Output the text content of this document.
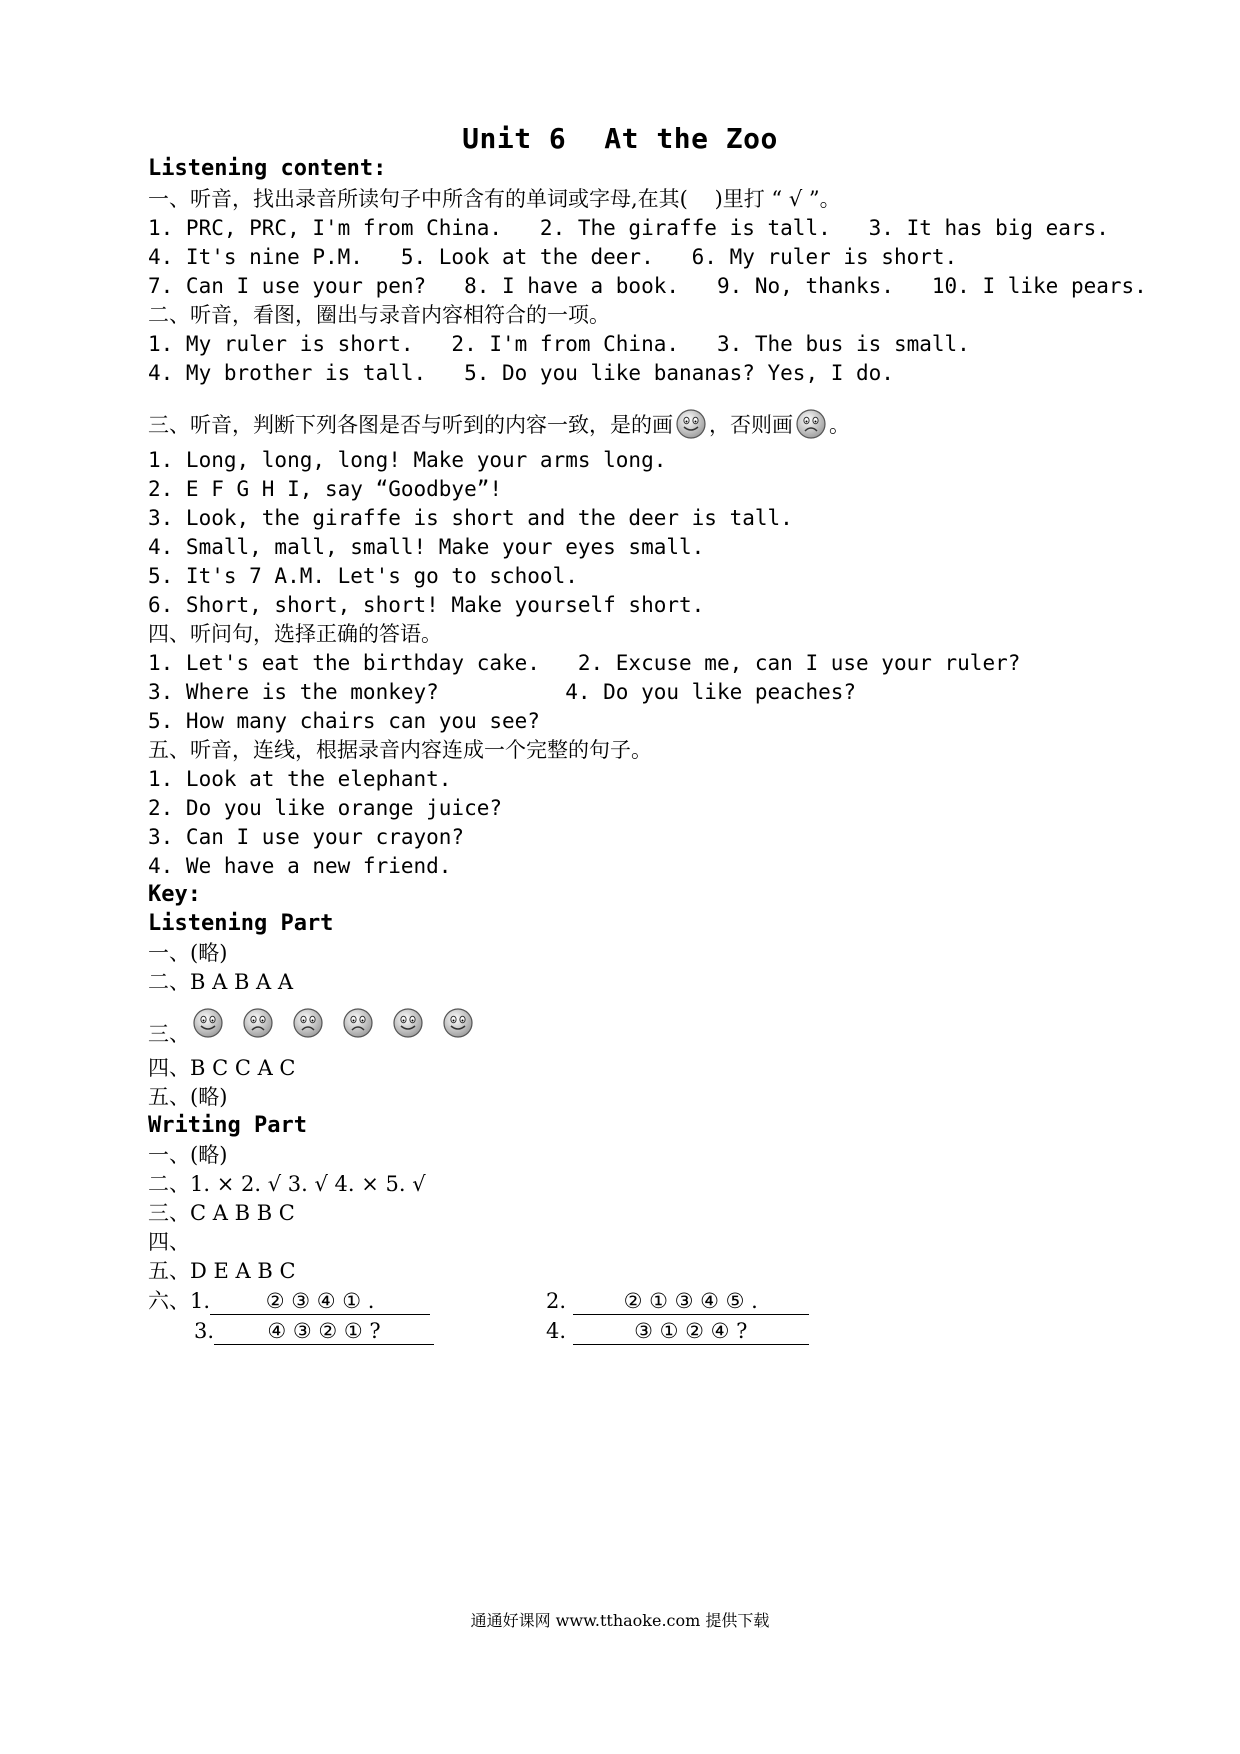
Unit 6 At the Zoo
Listening content:
一、听音，找出录音所读句子中所含有的单词或字母,在其(    )里打 “ √ ”。
1. PRC, PRC, I'm from China.   2. The giraffe is tall.   3. It has big ears.
4. It's nine P.M.   5. Look at the deer.   6. My ruler is short.
7. Can I use your pen?   8. I have a book.   9. No, thanks.   10. I like pears.
二、听音，看图，圈出与录音内容相符合的一项。
1. My ruler is short.   2. I'm from China.   3. The bus is small.
4. My brother is tall.   5. Do you like bananas? Yes, I do.
三、听音，判断下列各图是否与听到的内容一致，是的画 ，否则画 。
1. Long, long, long! Make your arms long.
2. E F G H I, say “Goodbye”!
3. Look, the giraffe is short and the deer is tall.
4. Small, mall, small! Make your eyes small.
5. It's 7 A.M. Let's go to school.
6. Short, short, short! Make yourself short.
四、听问句，选择正确的答语。
1. Let's eat the birthday cake.   2. Excuse me, can I use your ruler?
3. Where is the monkey?          4. Do you like peaches?
5. How many chairs can you see?
五、听音，连线，根据录音内容连成一个完整的句子。
1. Look at the elephant.
2. Do you like orange juice?
3. Can I use your crayon?
4. We have a new friend.
Key:
Listening Part
一、(略)
二、B A B A A
三、
四、B C C A C
五、(略)
Writing Part
一、(略)
二、1. × 2. √ 3. √ 4. × 5. √
三、C A B B C
四、
五、D E A B C
六、1.	② ③ ④ ① .	2.	② ① ③ ④ ⑤ .
3.	④ ③ ② ① ?	4.	③ ① ② ④ ?
通通好课网 www.tthaoke.com 提供下载
